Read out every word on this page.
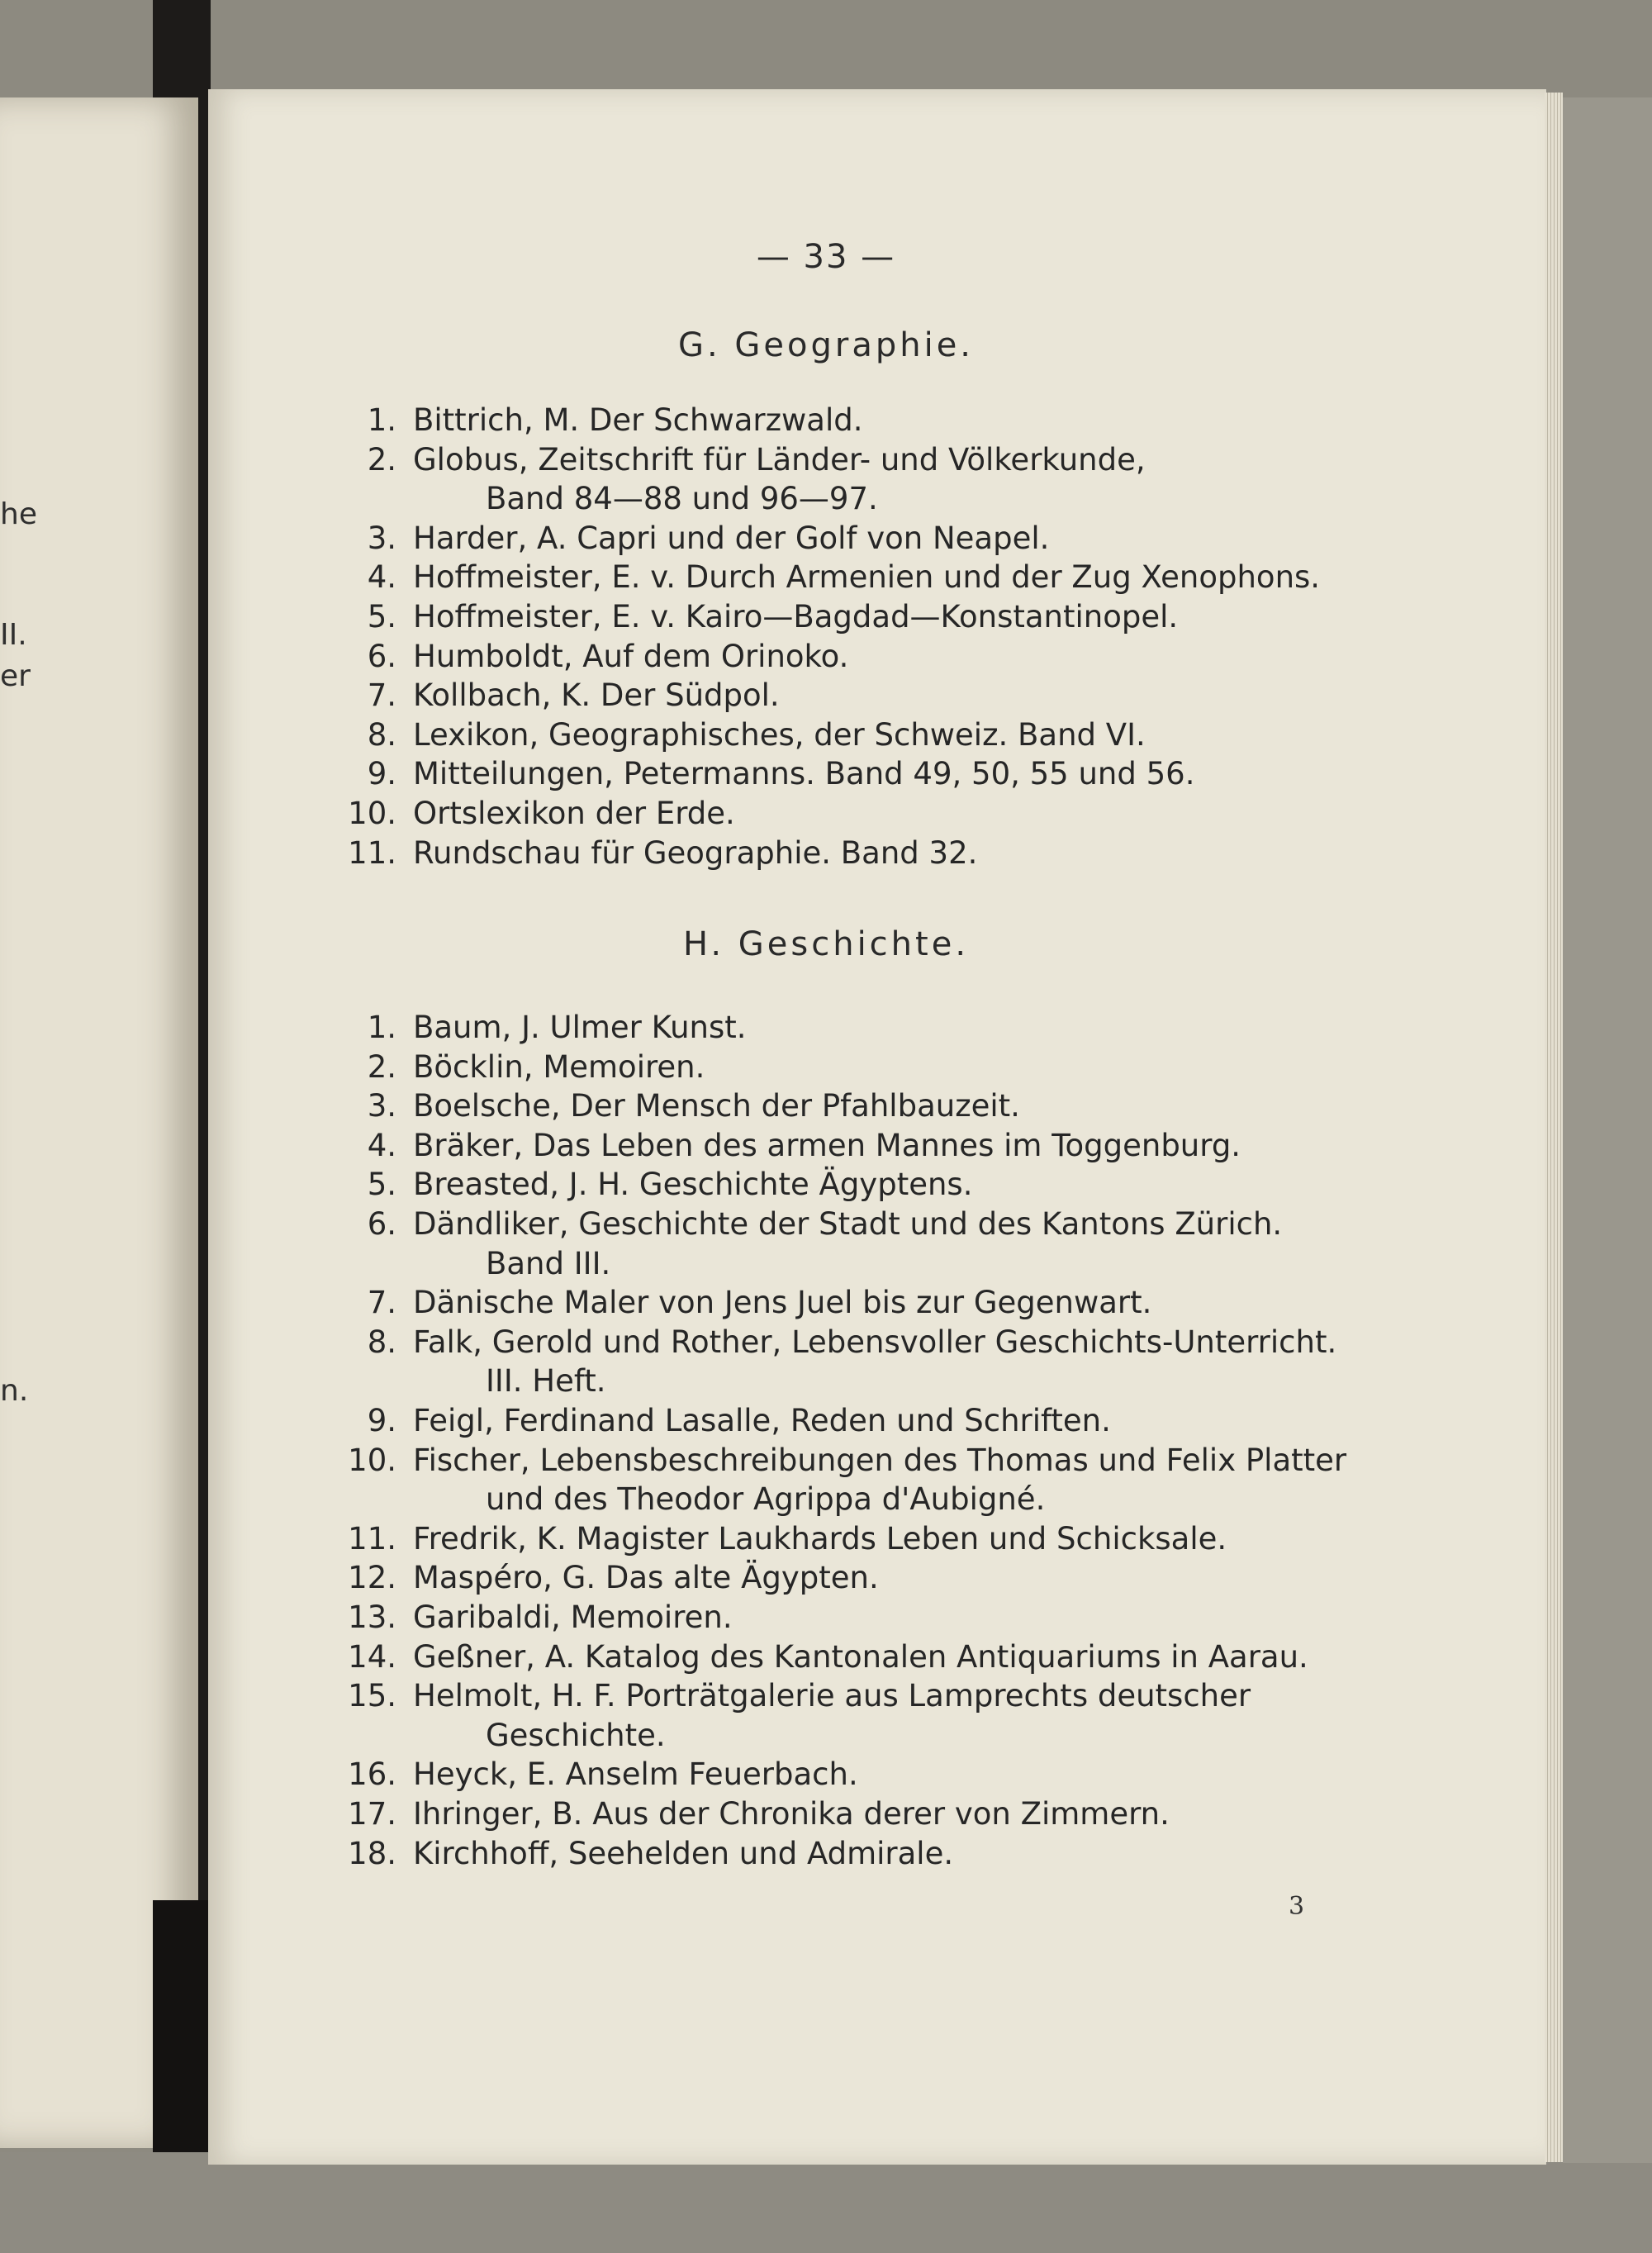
he
II.
er
n.
— 33 —
G. Geographie.
1. Bittrich, M. Der Schwarzwald.
2. Globus, Zeitschrift für Länder- und Völkerkunde,
Band 84—88 und 96—97.
3. Harder, A. Capri und der Golf von Neapel.
4. Hoffmeister, E. v. Durch Armenien und der Zug Xenophons.
5. Hoffmeister, E. v. Kairo—Bagdad—Konstantinopel.
6. Humboldt, Auf dem Orinoko.
7. Kollbach, K. Der Südpol.
8. Lexikon, Geographisches, der Schweiz. Band VI.
9. Mitteilungen, Petermanns. Band 49, 50, 55 und 56.
10. Ortslexikon der Erde.
11. Rundschau für Geographie. Band 32.
H. Geschichte.
1. Baum, J. Ulmer Kunst.
2. Böcklin, Memoiren.
3. Boelsche, Der Mensch der Pfahlbauzeit.
4. Bräker, Das Leben des armen Mannes im Toggenburg.
5. Breasted, J. H. Geschichte Ägyptens.
6. Dändliker, Geschichte der Stadt und des Kantons Zürich.
Band III.
7. Dänische Maler von Jens Juel bis zur Gegenwart.
8. Falk, Gerold und Rother, Lebensvoller Geschichts-Unterricht.
III. Heft.
9. Feigl, Ferdinand Lasalle, Reden und Schriften.
10. Fischer, Lebensbeschreibungen des Thomas und Felix Platter
und des Theodor Agrippa d'Aubigné.
11. Fredrik, K. Magister Laukhards Leben und Schicksale.
12. Maspéro, G. Das alte Ägypten.
13. Garibaldi, Memoiren.
14. Geßner, A. Katalog des Kantonalen Antiquariums in Aarau.
15. Helmolt, H. F. Porträtgalerie aus Lamprechts deutscher
Geschichte.
16. Heyck, E. Anselm Feuerbach.
17. Ihringer, B. Aus der Chronika derer von Zimmern.
18. Kirchhoff, Seehelden und Admirale.
3
